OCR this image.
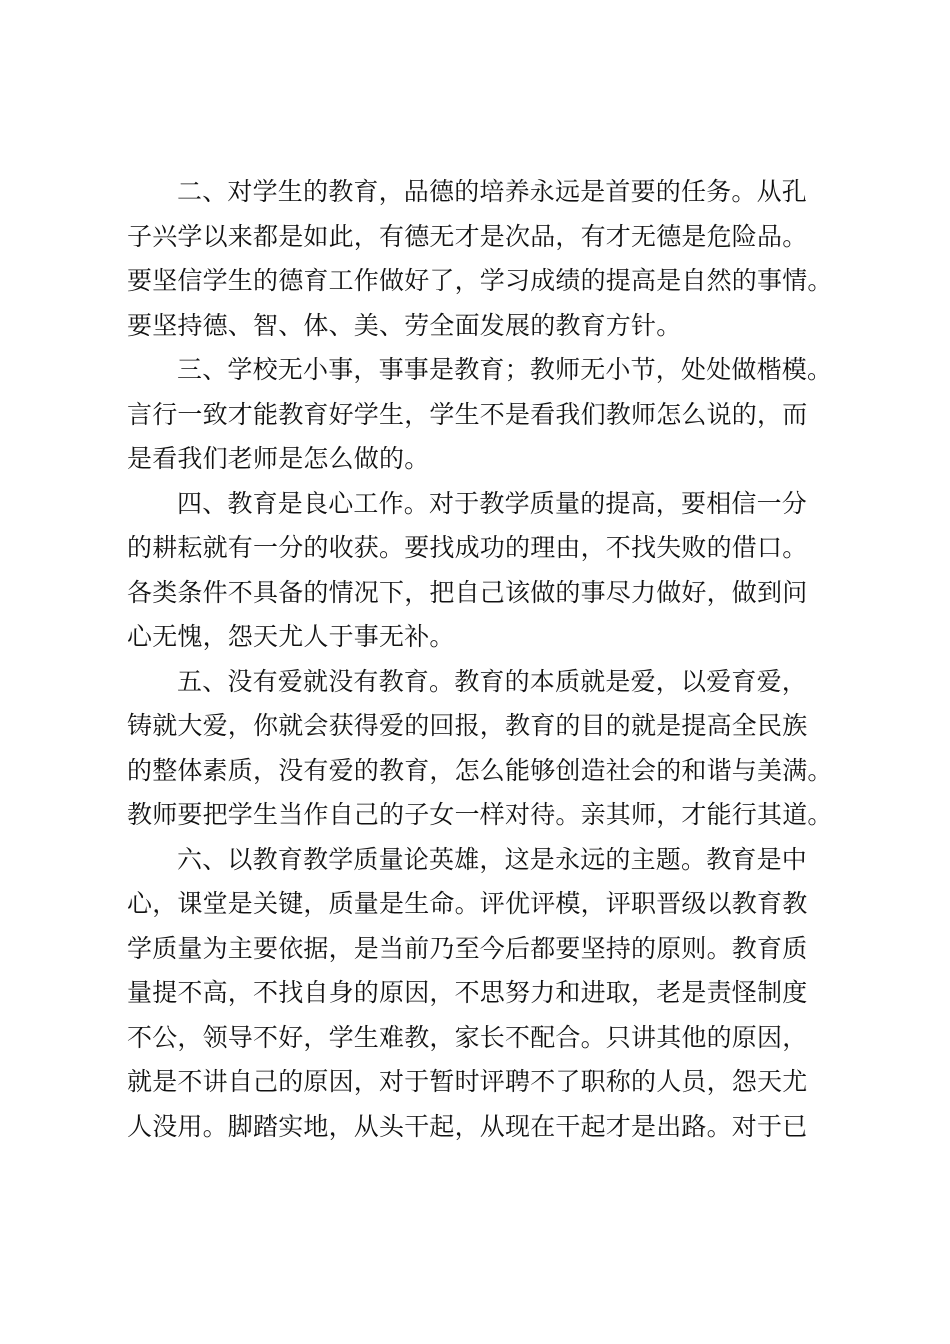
二、对学生的教育，品德的培养永远是首要的任务。从孔
子兴学以来都是如此，有德无才是次品，有才无德是危险品。
要坚信学生的德育工作做好了，学习成绩的提高是自然的事情。
要坚持德、智、体、美、劳全面发展的教育方针。
三、学校无小事，事事是教育；教师无小节，处处做楷模。
言行一致才能教育好学生，学生不是看我们教师怎么说的，而
是看我们老师是怎么做的。
四、教育是良心工作。对于教学质量的提高，要相信一分
的耕耘就有一分的收获。要找成功的理由，不找失败的借口。
各类条件不具备的情况下，把自己该做的事尽力做好，做到问
心无愧，怨天尤人于事无补。
五、没有爱就没有教育。教育的本质就是爱，以爱育爱，
铸就大爱，你就会获得爱的回报，教育的目的就是提高全民族
的整体素质，没有爱的教育，怎么能够创造社会的和谐与美满。
教师要把学生当作自己的子女一样对待。亲其师，才能行其道。
六、以教育教学质量论英雄，这是永远的主题。教育是中
心，课堂是关键，质量是生命。评优评模，评职晋级以教育教
学质量为主要依据，是当前乃至今后都要坚持的原则。教育质
量提不高，不找自身的原因，不思努力和进取，老是责怪制度
不公，领导不好，学生难教，家长不配合。只讲其他的原因，
就是不讲自己的原因，对于暂时评聘不了职称的人员，怨天尤
人没用。脚踏实地，从头干起，从现在干起才是出路。对于已
